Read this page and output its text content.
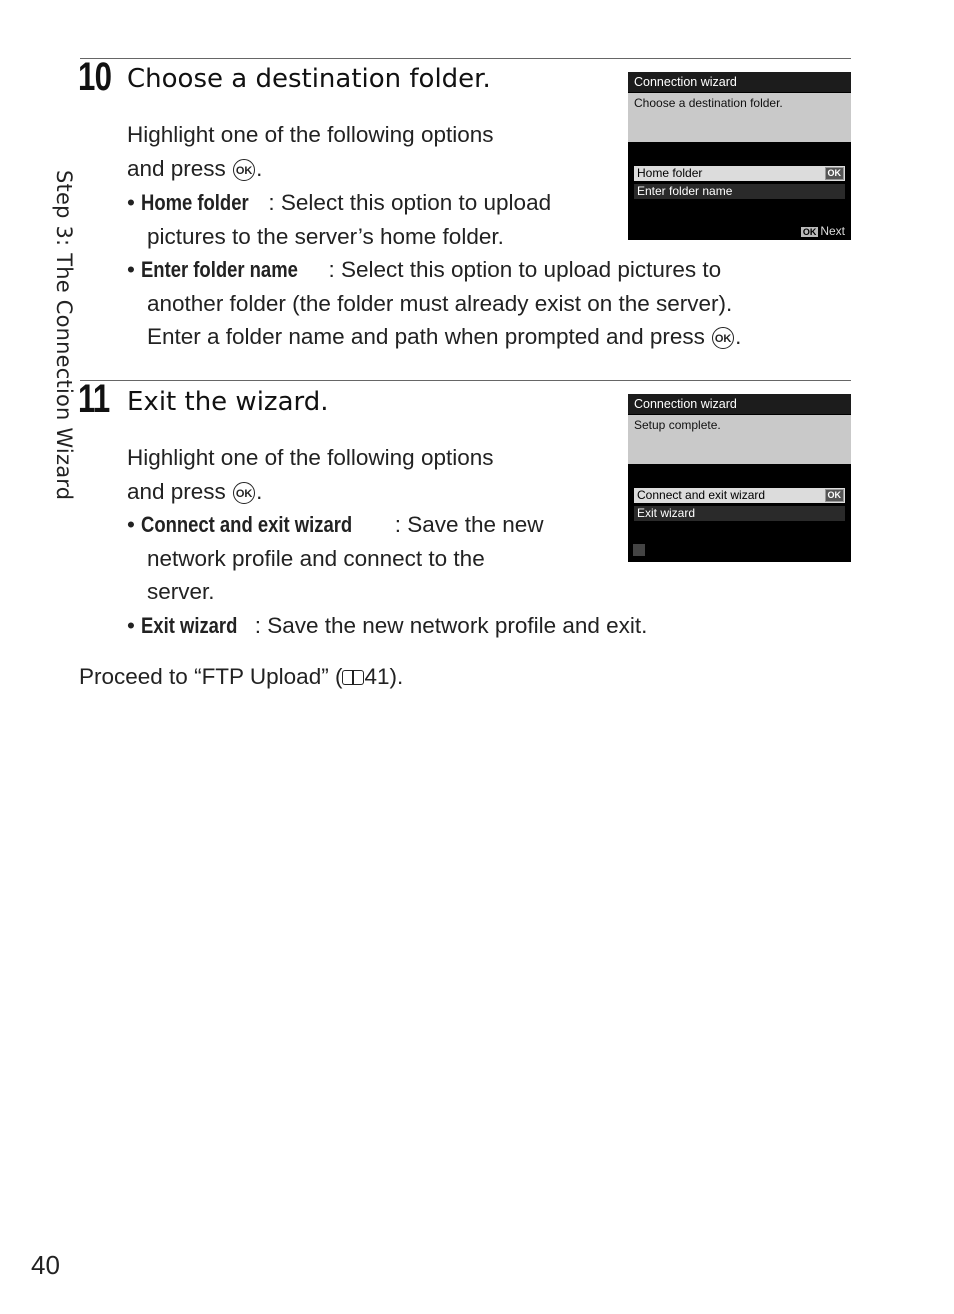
Step 3: The Connection Wizard
10 Choose a destination folder.
Highlight one of the following options
and press OK .
• Home folder : Select this option to upload
pictures to the server’s home folder.
• Enter folder name : Select this option to upload pictures to
another folder (the folder must already exist on the server).
Enter a folder name and path when prompted and press OK .
Connection wizard
Choose a destination folder.
Home folder	OK
Enter folder name
OK Next
11 Exit the wizard.
Highlight one of the following options
and press OK .
• Connect and exit wizard : Save the new
network profile and connect to the
server.
• Exit wizard : Save the new network profile and exit.
Connection wizard
Setup complete.
Connect and exit wizard	OK
Exit wizard
Proceed to “FTP Upload” ( 41).
40
